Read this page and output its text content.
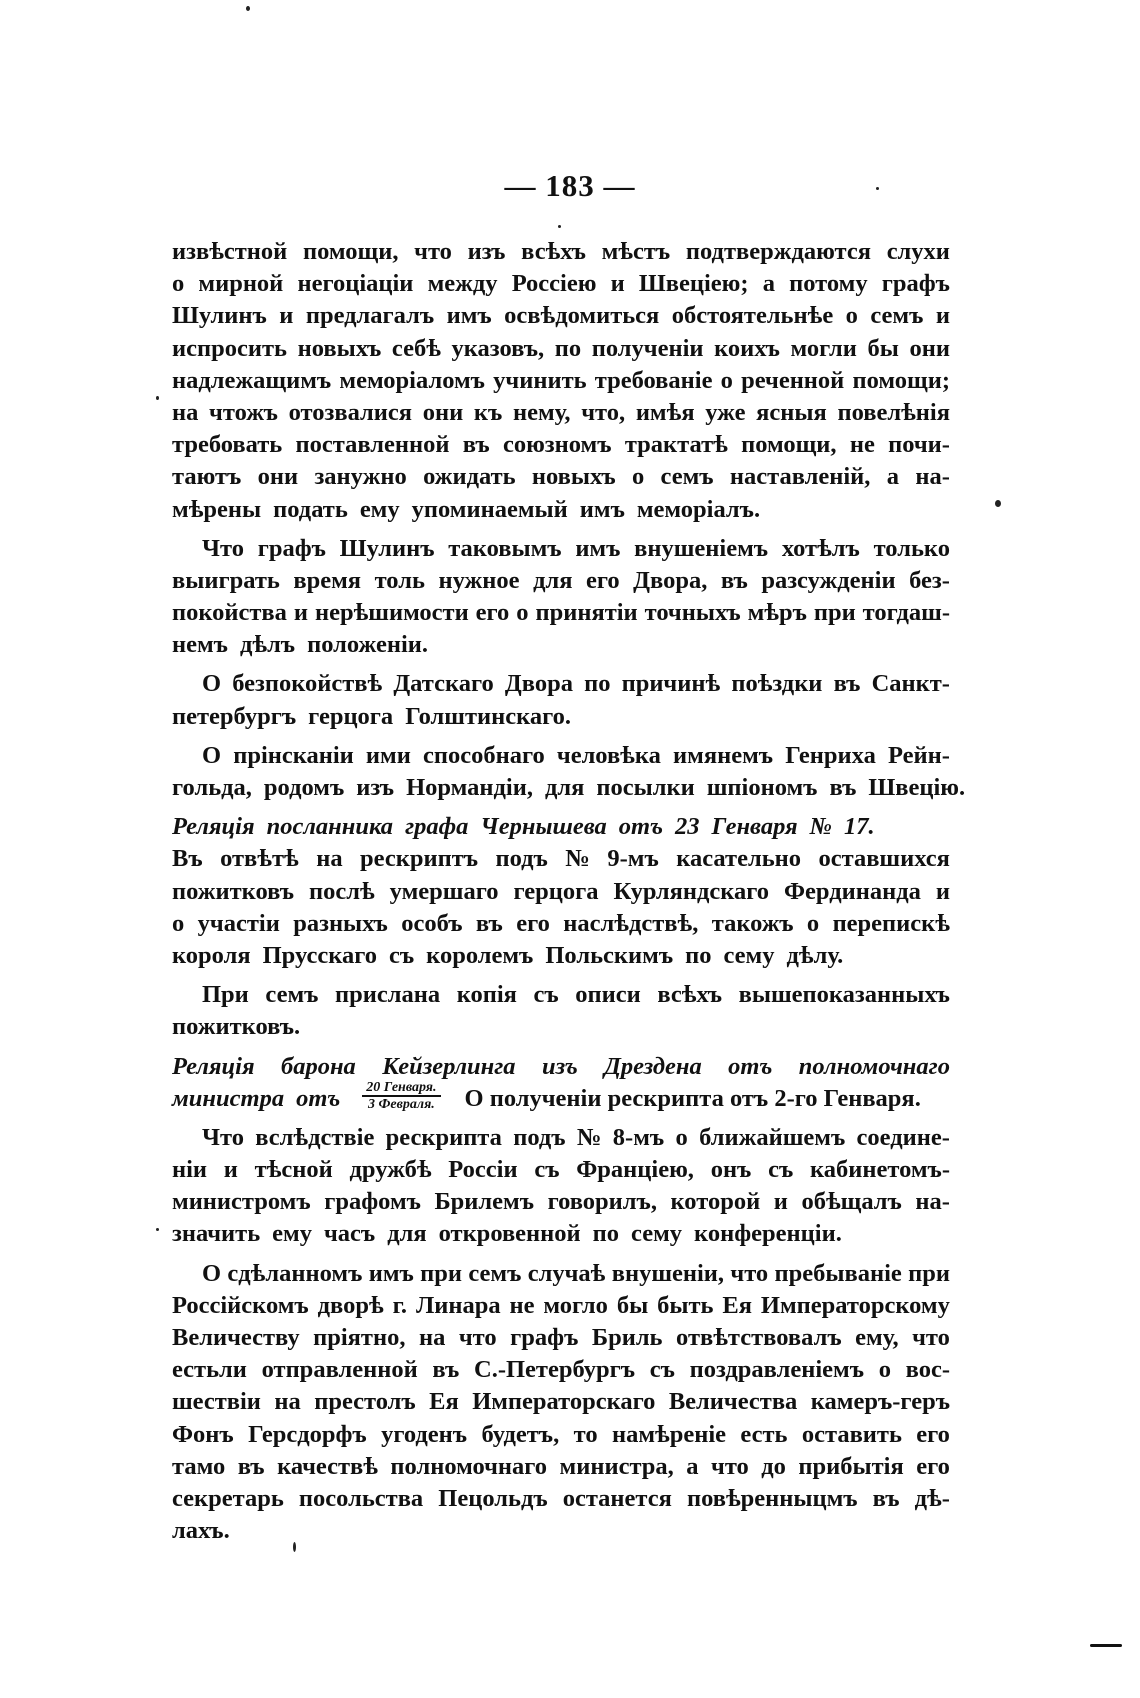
— 183 —
извѣстной помощи, что изъ всѣхъ мѣстъ подтверждаются слухи
о мирной негоціаціи между Россіею и Швеціею; а потому графъ
Шулинъ и предлагалъ имъ освѣдомиться обстоятельнѣе о семъ и
испросить новыхъ себѣ указовъ, по полученіи коихъ могли бы они
надлежащимъ меморіаломъ учинить требованіе о реченной помощи;
на чтожъ отозвалися они къ нему, что, имѣя уже ясныя повелѣнія
требовать поставленной въ союзномъ трактатѣ помощи, не почи-
таютъ они занужно ожидать новыхъ о семъ наставленій, а на-
мѣрены подать ему упоминаемый имъ меморіалъ.
Что графъ Шулинъ таковымъ имъ внушеніемъ хотѣлъ только
выиграть время толь нужное для его Двора, въ разсужденіи без-
покойства и нерѣшимости его о принятіи точныхъ мѣръ при тогдаш-
немъ дѣлъ положеніи.
О безпокойствѣ Датскаго Двора по причинѣ поѣздки въ Санкт-
петербургъ герцога Голштинскаго.
О прінсканіи ими способнаго человѣка имянемъ Генриха Рейн-
гольда, родомъ изъ Нормандіи, для посылки шпіономъ въ Швецію.
Реляція посланника графа Чернышева отъ 23 Генваря № 17.
Въ отвѣтѣ на рескриптъ подъ № 9-мъ касательно оставшихся
пожитковъ послѣ умершаго герцога Курляндскаго Фердинанда и
о участіи разныхъ особъ въ его наслѣдствѣ, такожъ о перепискѣ
короля Прусскаго съ королемъ Польскимъ по сему дѣлу.
При семъ прислана копія съ описи всѣхъ вышепоказанныхъ
пожитковъ.
Реляція барона Кейзерлинга изъ Дрездена отъ полномочнаго
министра отъ $\frac{\text{20 Генваря.}}{\text{3 Февраля.}}$ О полученіи рескрипта отъ 2-го Генваря.
Что вслѣдствіе рескрипта подъ № 8-мъ о ближайшемъ соедине-
ніи и тѣсной дружбѣ Россіи съ Франціею, онъ съ кабинетомъ-
министромъ графомъ Брилемъ говорилъ, которой и обѣщалъ на-
значить ему часъ для откровенной по сему конференціи.
О сдѣланномъ имъ при семъ случаѣ внушеніи, что пребываніе при
Россійскомъ дворѣ г. Линара не могло бы быть Ея Императорскому
Величеству пріятно, на что графъ Бриль отвѣтствовалъ ему, что
естьли отправленной въ С.-Петербургъ съ поздравленіемъ о вос-
шествіи на престолъ Ея Императорскаго Величества камеръ-геръ
Фонъ Герсдорфъ угоденъ будетъ, то намѣреніе есть оставить его
тамо въ качествѣ полномочнаго министра, а что до прибытія его
секретарь посольства Пецольдъ останется повѣренныцмъ въ дѣ-
лахъ.
